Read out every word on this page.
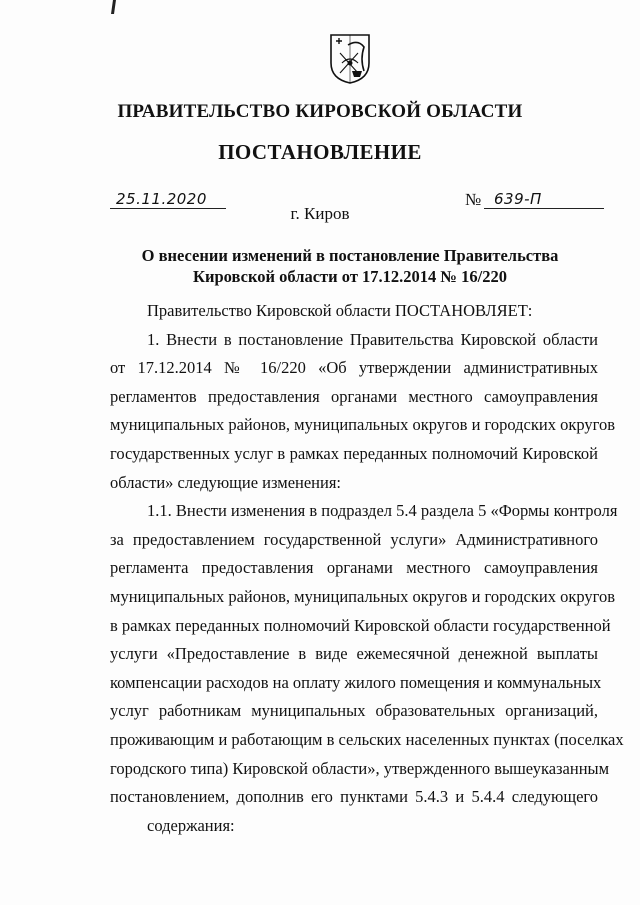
ПРАВИТЕЛЬСТВО КИРОВСКОЙ ОБЛАСТИ
ПОСТАНОВЛЕНИЕ
25.11.2020	№ 639-П
г. Киров
О внесении изменений в постановление Правительства
Кировской области от 17.12.2014 № 16/220
Правительство Кировской области ПОСТАНОВЛЯЕТ:
1. Внести в постановление Правительства Кировской области
от 17.12.2014 № 16/220 «Об утверждении административных
регламентов предоставления органами местного самоуправления
муниципальных районов, муниципальных округов и городских округов
государственных услуг в рамках переданных полномочий Кировской
области» следующие изменения:
1.1. Внести изменения в подраздел 5.4 раздела 5 «Формы контроля
за предоставлением государственной услуги» Административного
регламента предоставления органами местного самоуправления
муниципальных районов, муниципальных округов и городских округов
в рамках переданных полномочий Кировской области государственной
услуги «Предоставление в виде ежемесячной денежной выплаты
компенсации расходов на оплату жилого помещения и коммунальных
услуг работникам муниципальных образовательных организаций,
проживающим и работающим в сельских населенных пунктах (поселках
городского типа) Кировской области», утвержденного вышеуказанным
постановлением, дополнив его пунктами 5.4.3 и 5.4.4 следующего
содержания:
